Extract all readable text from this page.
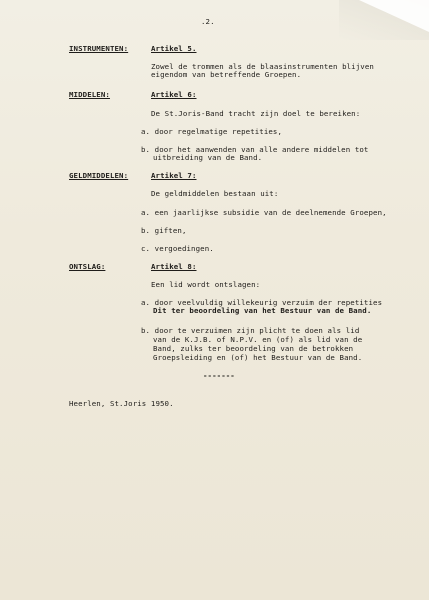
.2.
INSTRUMENTEN:	Artikel 5.
Zowel de trommen als de blaasinstrumenten blijven
eigendom van betreffende Groepen.
MIDDELEN:	Artikel 6:
De St.Joris-Band tracht zijn doel te bereiken:
a. door regelmatige repetities,
b. door het aanwenden van alle andere middelen tot
uitbreiding van de Band.
GELDMIDDELEN:	Artikel 7:
De geldmiddelen bestaan uit:
a. een jaarlijkse subsidie van de deelnemende Groepen,
b. giften,
c. vergoedingen.
ONTSLAG:	Artikel 8:
Een lid wordt ontslagen:
a. door veelvuldig willekeurig verzuim der repetities
Dit ter beoordeling van het Bestuur van de Band.
b. door te verzuimen zijn plicht te doen als lid
van de K.J.B. of N.P.V. en (of) als lid van de
Band, zulks ter beoordeling van de betrokken
Groepsleiding en (of) het Bestuur van de Band.
-------
Heerlen, St.Joris 1950.
